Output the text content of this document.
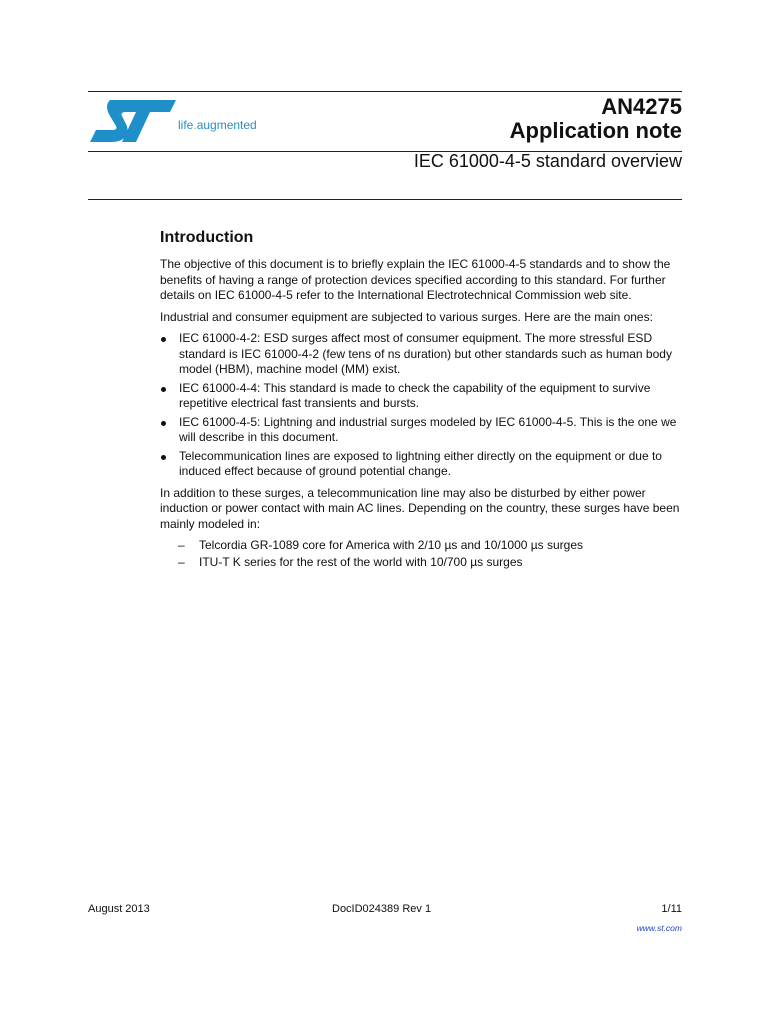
life.augmented
AN4275
Application note
IEC 61000-4-5 standard overview
Introduction

The objective of this document is to briefly explain the IEC 61000-4-5 standards and to show the benefits of having a range of protection devices specified according to this standard. For further details on IEC 61000-4-5 refer to the International Electrotechnical Commission web site.

Industrial and consumer equipment are subjected to various surges. Here are the main ones:

IEC 61000-4-2: ESD surges affect most of consumer equipment. The more stressful ESD standard is IEC 61000-4-2 (few tens of ns duration) but other standards such as human body model (HBM), machine model (MM) exist.
IEC 61000-4-4: This standard is made to check the capability of the equipment to survive repetitive electrical fast transients and bursts.
IEC 61000-4-5: Lightning and industrial surges modeled by IEC 61000-4-5. This is the one we will describe in this document.
Telecommunication lines are exposed to lightning either directly on the equipment or due to induced effect because of ground potential change.

In addition to these surges, a telecommunication line may also be disturbed by either power induction or power contact with main AC lines. Depending on the country, these surges have been mainly modeled in:

– Telcordia GR-1089 core for America with 2/10 µs and 10/1000 µs surges
– ITU-T K series for the rest of the world with 10/700 µs surges
August 2013	DocID024389 Rev 1	1/11
www.st.com
